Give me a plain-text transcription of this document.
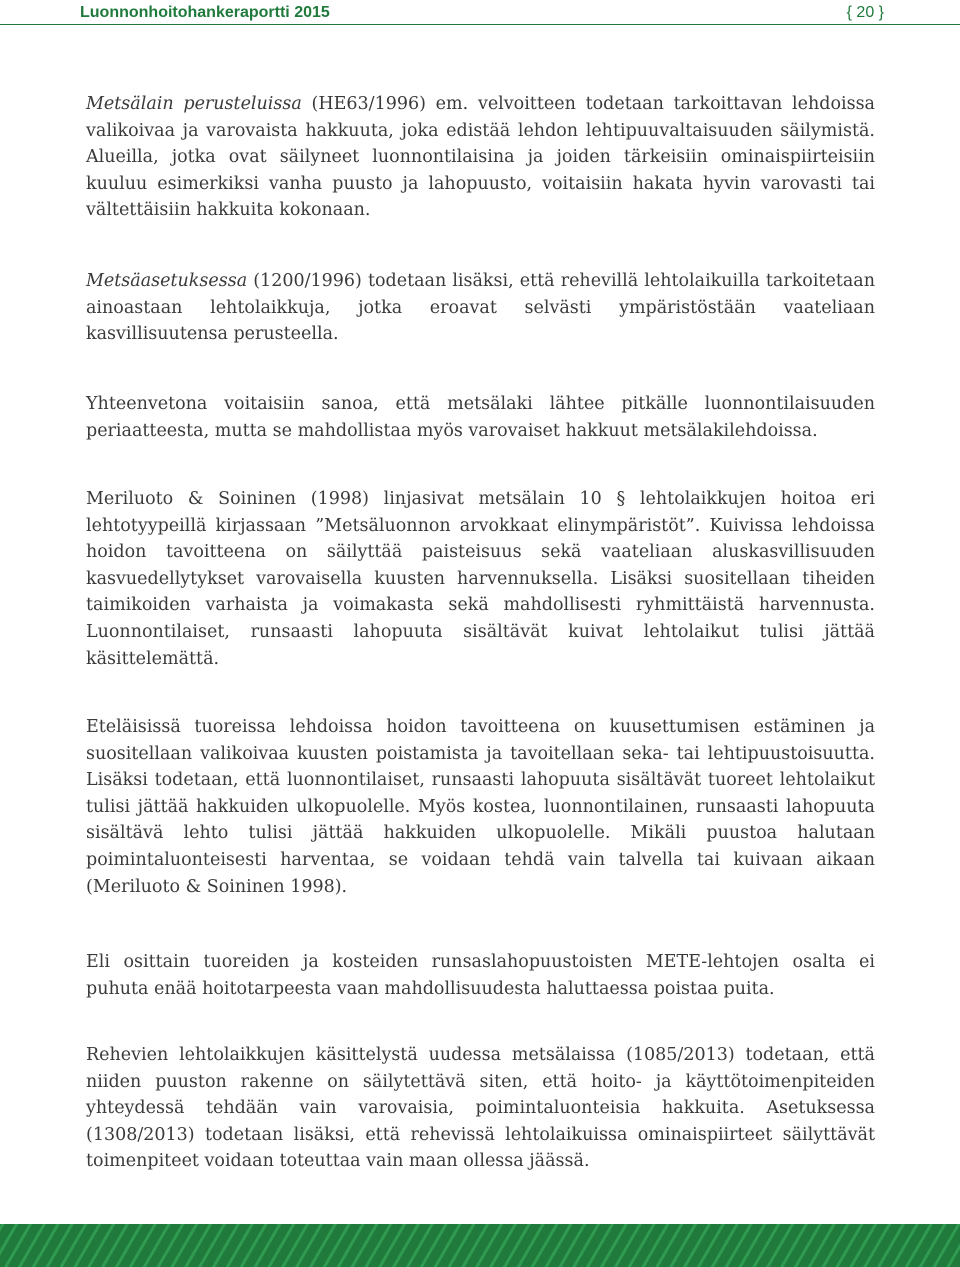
Luonnonhoitohankeraportti 2015	{ 20 }

Metsälain perusteluissa (HE63/1996) em. velvoitteen todetaan tarkoittavan lehdoissa valikoivaa ja varovaista hakkuuta, joka edistää lehdon lehtipuuvaltaisuuden säilymistä. Alueilla, jotka ovat säilyneet luonnontilaisina ja joiden tärkeisiin ominaispiirteisiin kuuluu esimerkiksi vanha puusto ja lahopuusto, voitaisiin hakata hyvin varovasti tai vältettäisiin hakkuita kokonaan.

Metsäasetuksessa (1200/1996) todetaan lisäksi, että rehevillä lehtolaikuilla tarkoitetaan ainoastaan lehtolaikkuja, jotka eroavat selvästi ympäristöstään vaateliaan kasvillisuutensa perusteella.

Yhteenvetona voitaisiin sanoa, että metsälaki lähtee pitkälle luonnontilaisuuden periaatteesta, mutta se mahdollistaa myös varovaiset hakkuut metsälakilehdoissa.

Meriluoto & Soininen (1998) linjasivat metsälain 10 § lehtolaikkujen hoitoa eri lehtotyypeillä kirjassaan ”Metsäluonnon arvokkaat elinympäristöt”. Kuivissa lehdoissa hoidon tavoitteena on säilyttää paisteisuus sekä vaateliaan aluskasvillisuuden kasvuedellytykset varovaisella kuusten harvennuksella. Lisäksi suositellaan tiheiden taimikoiden varhaista ja voimakasta sekä mahdollisesti ryhmittäistä harvennusta. Luonnontilaiset, runsaasti lahopuuta sisältävät kuivat lehtolaikut tulisi jättää käsittelemättä.

Eteläisissä tuoreissa lehdoissa hoidon tavoitteena on kuusettumisen estäminen ja suositellaan valikoivaa kuusten poistamista ja tavoitellaan seka- tai lehtipuustoisuutta. Lisäksi todetaan, että luonnontilaiset, runsaasti lahopuuta sisältävät tuoreet lehtolaikut tulisi jättää hakkuiden ulkopuolelle. Myös kostea, luonnontilainen, runsaasti lahopuuta sisältävä lehto tulisi jättää hakkuiden ulkopuolelle. Mikäli puustoa halutaan poimintaluonteisesti harventaa, se voidaan tehdä vain talvella tai kuivaan aikaan (Meriluoto & Soininen 1998).

Eli osittain tuoreiden ja kosteiden runsaslahopuustoisten METE-lehtojen osalta ei puhuta enää hoitotarpeesta vaan mahdollisuudesta haluttaessa poistaa puita.

Rehevien lehtolaikkujen käsittelystä uudessa metsälaissa (1085/2013) todetaan, että niiden puuston rakenne on säilytettävä siten, että hoito- ja käyttötoimenpiteiden yhteydessä tehdään vain varovaisia, poimintaluonteisia hakkuita. Asetuksessa (1308/2013) todetaan lisäksi, että rehevissä lehtolaikuissa ominaispiirteet säilyttävät toimenpiteet voidaan toteuttaa vain maan ollessa jäässä.
